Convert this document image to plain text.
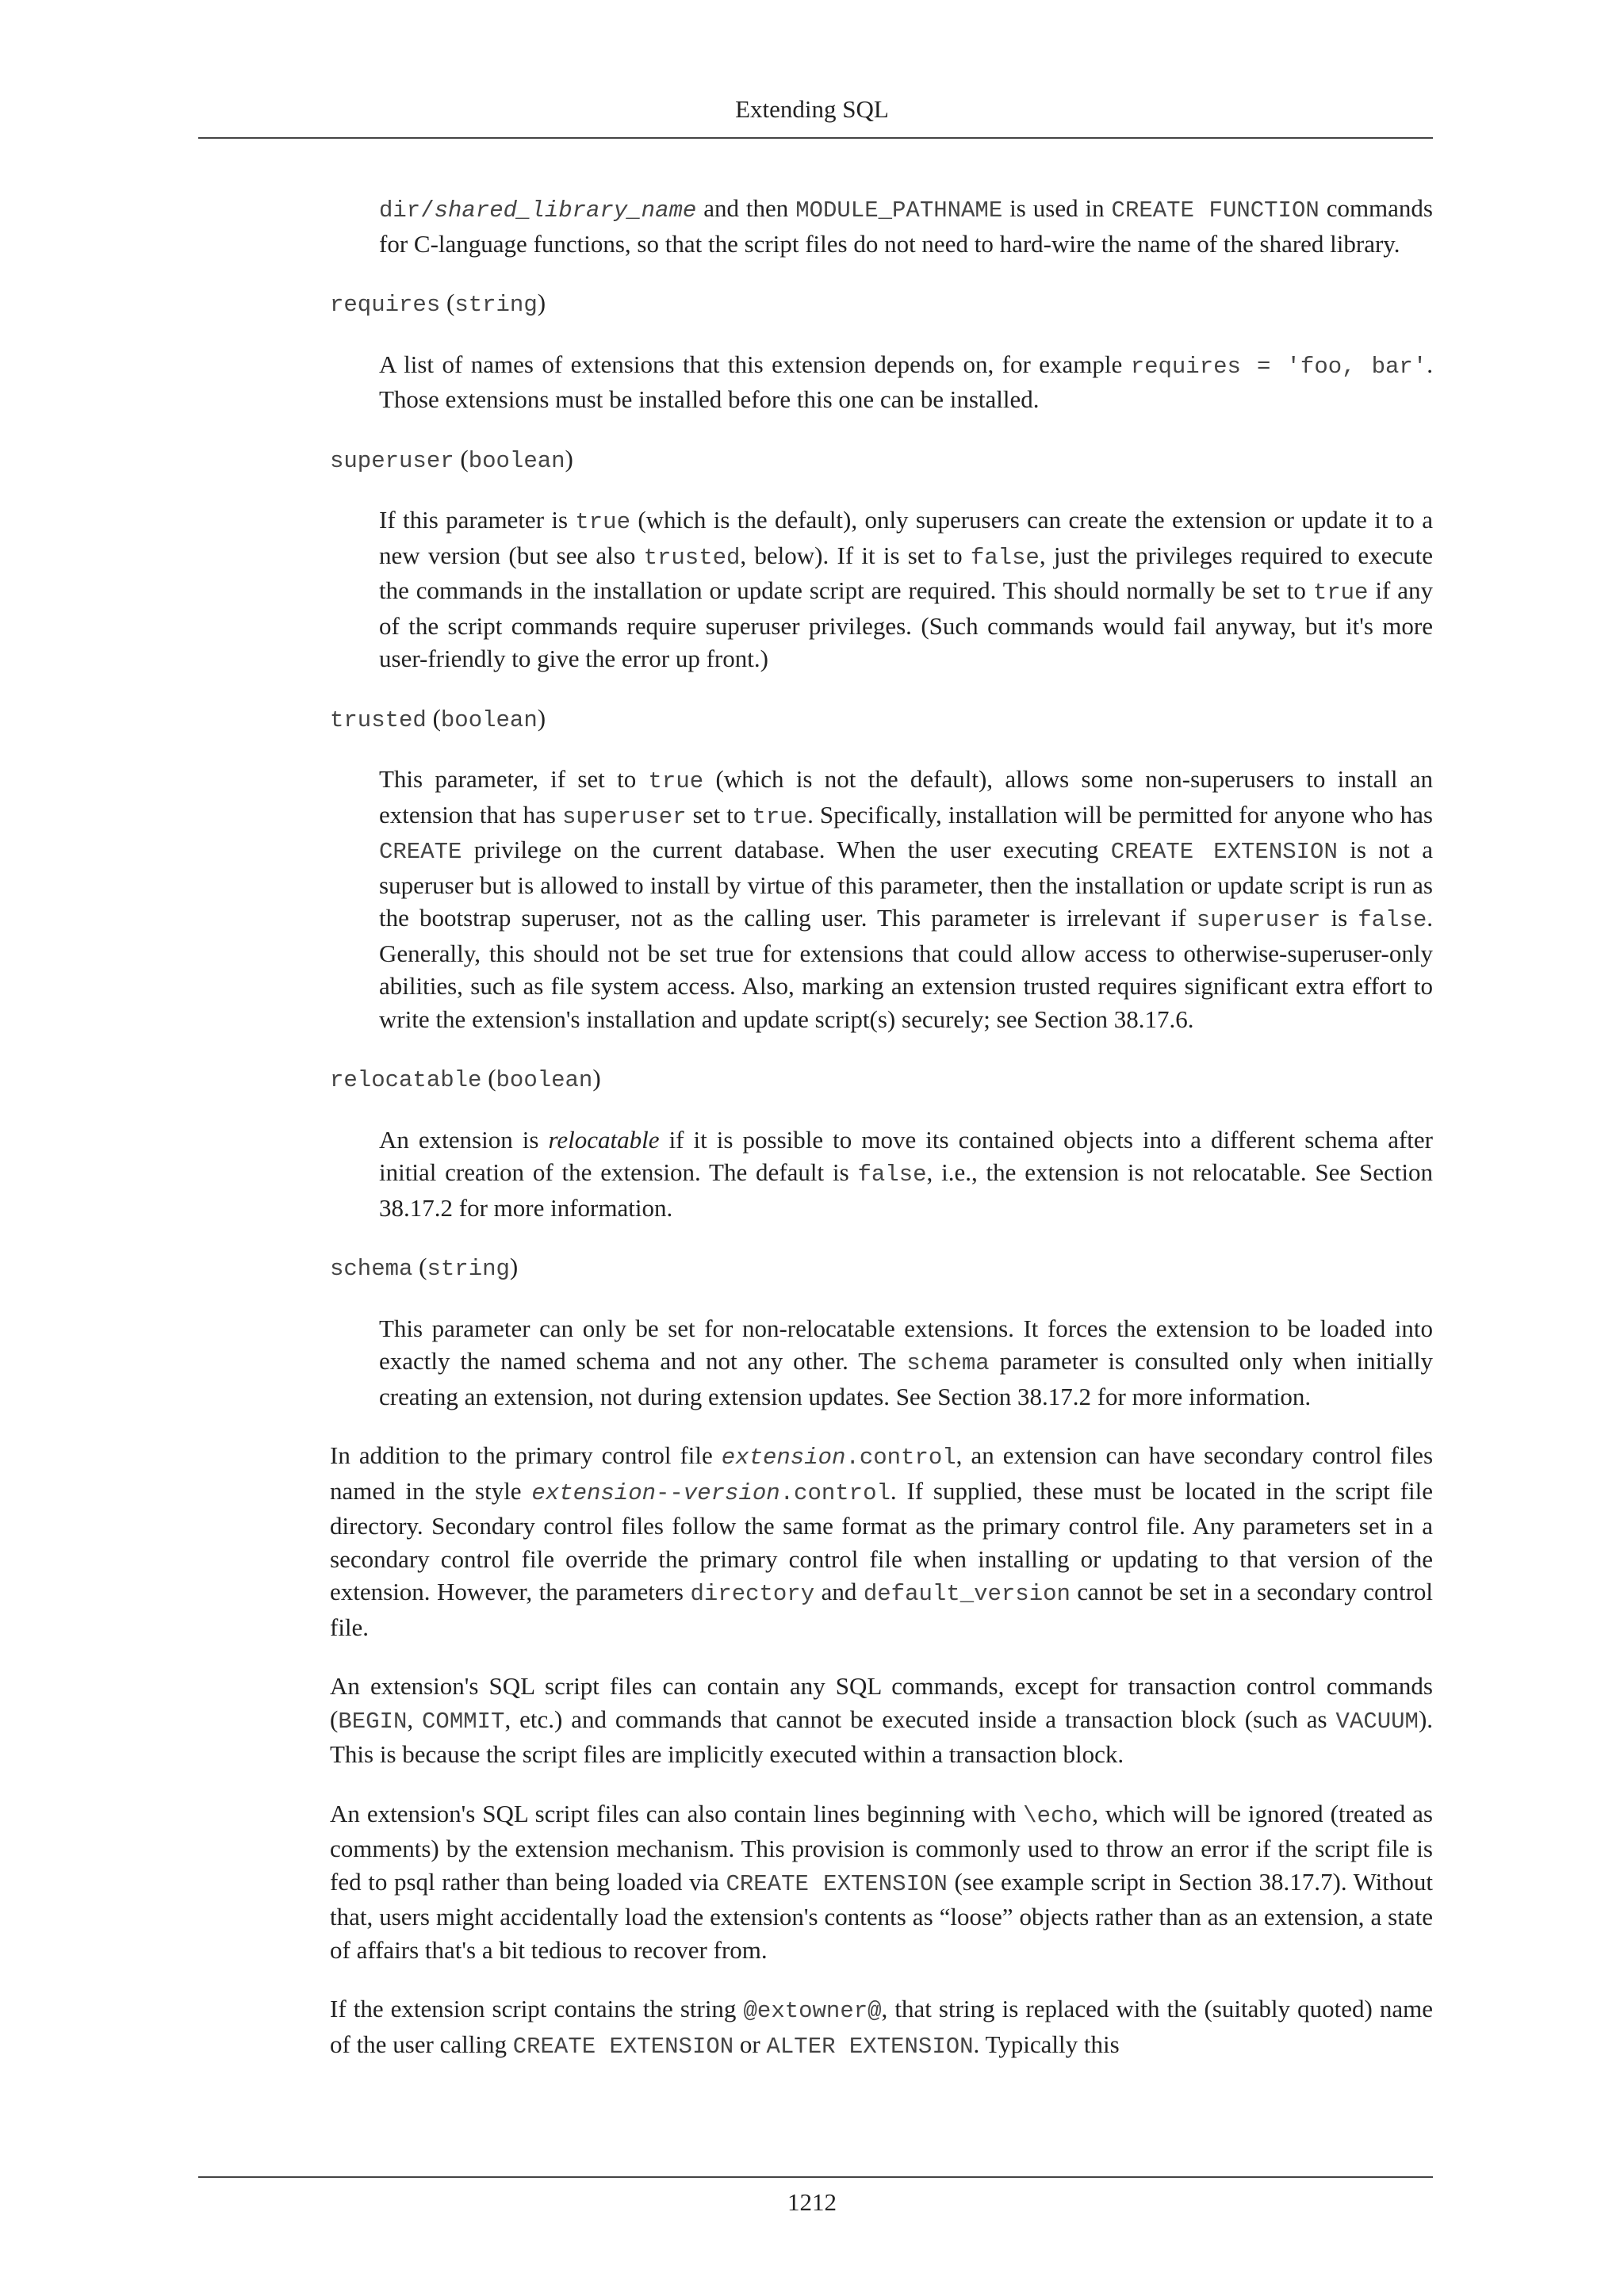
Extending SQL

dir/shared_library_name and then MODULE_PATHNAME is used in CREATE FUNCTION commands for C-language functions, so that the script files do not need to hard-wire the name of the shared library.

requires (string)

A list of names of extensions that this extension depends on, for example requires = 'foo, bar'. Those extensions must be installed before this one can be installed.

superuser (boolean)

If this parameter is true (which is the default), only superusers can create the extension or update it to a new version (but see also trusted, below). If it is set to false, just the privileges required to execute the commands in the installation or update script are required. This should normally be set to true if any of the script commands require superuser privileges. (Such commands would fail anyway, but it's more user-friendly to give the error up front.)

trusted (boolean)

This parameter, if set to true (which is not the default), allows some non-superusers to install an extension that has superuser set to true. Specifically, installation will be permitted for anyone who has CREATE privilege on the current database. When the user executing CREATE EXTENSION is not a superuser but is allowed to install by virtue of this parameter, then the installation or update script is run as the bootstrap superuser, not as the calling user. This parameter is irrelevant if superuser is false. Generally, this should not be set true for extensions that could allow access to otherwise-superuser-only abilities, such as file system access. Also, marking an extension trusted requires significant extra effort to write the extension's installation and update script(s) securely; see Section 38.17.6.

relocatable (boolean)

An extension is relocatable if it is possible to move its contained objects into a different schema after initial creation of the extension. The default is false, i.e., the extension is not relocatable. See Section 38.17.2 for more information.

schema (string)

This parameter can only be set for non-relocatable extensions. It forces the extension to be loaded into exactly the named schema and not any other. The schema parameter is consulted only when initially creating an extension, not during extension updates. See Section 38.17.2 for more information.

In addition to the primary control file extension.control, an extension can have secondary control files named in the style extension--version.control. If supplied, these must be located in the script file directory. Secondary control files follow the same format as the primary control file. Any parameters set in a secondary control file override the primary control file when installing or updating to that version of the extension. However, the parameters directory and default_version cannot be set in a secondary control file.

An extension's SQL script files can contain any SQL commands, except for transaction control commands (BEGIN, COMMIT, etc.) and commands that cannot be executed inside a transaction block (such as VACUUM). This is because the script files are implicitly executed within a transaction block.

An extension's SQL script files can also contain lines beginning with \echo, which will be ignored (treated as comments) by the extension mechanism. This provision is commonly used to throw an error if the script file is fed to psql rather than being loaded via CREATE EXTENSION (see example script in Section 38.17.7). Without that, users might accidentally load the extension's contents as “loose” objects rather than as an extension, a state of affairs that's a bit tedious to recover from.

If the extension script contains the string @extowner@, that string is replaced with the (suitably quoted) name of the user calling CREATE EXTENSION or ALTER EXTENSION. Typically this

1212
